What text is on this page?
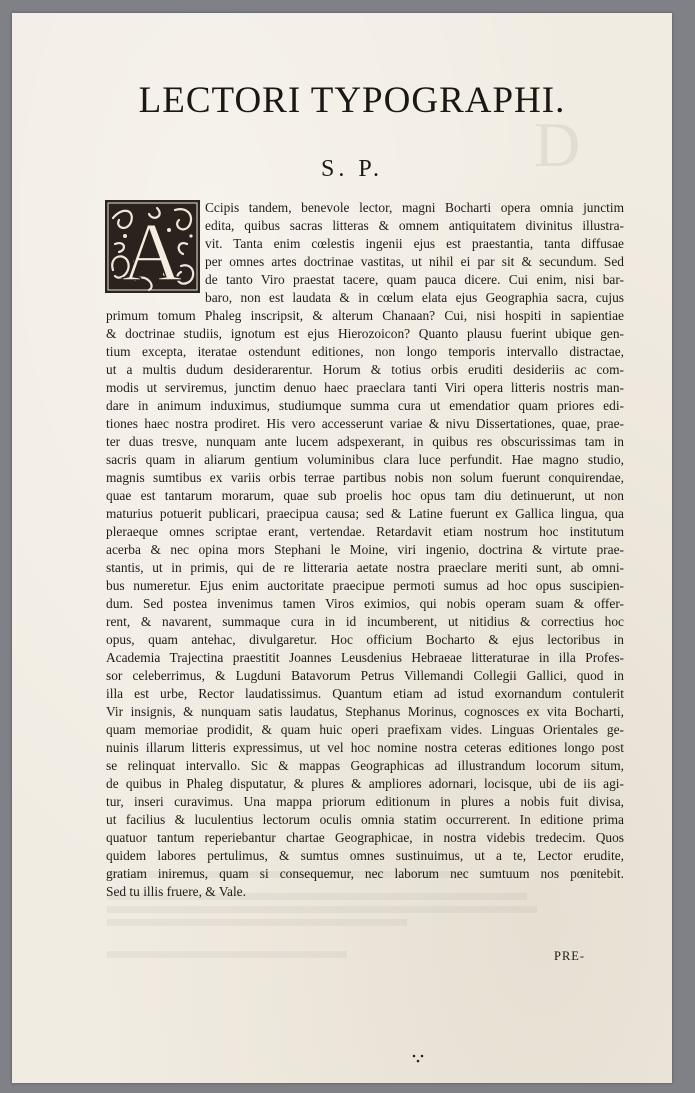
D
LECTORI TYPOGRAPHI.
S. P.
A	Ccipis tandem, benevole lector, magni Bocharti opera omnia junctim
edita, quibus sacras litteras & omnem antiquitatem divinitus illustra-
vit. Tanta enim cœlestis ingenii ejus est praestantia, tanta diffusae
per omnes artes doctrinae vastitas, ut nihil ei par sit & secundum. Sed
de tanto Viro praestat tacere, quam pauca dicere. Cui enim, nisi bar-
baro, non est laudata & in cœlum elata ejus Geographia sacra, cujus
primum tomum Phaleg inscripsit, & alterum Chanaan? Cui, nisi hospiti in sapientiae
& doctrinae studiis, ignotum est ejus Hierozoicon? Quanto plausu fuerint ubique gen-
tium excepta, iteratae ostendunt editiones, non longo temporis intervallo distractae,
ut a multis dudum desiderarentur. Horum & totius orbis eruditi desideriis ac com-
modis ut serviremus, junctim denuo haec praeclara tanti Viri opera litteris nostris man-
dare in animum induximus, studiumque summa cura ut emendatior quam priores edi-
tiones haec nostra prodiret. His vero accesserunt variae & nivu Dissertationes, quae, prae-
ter duas tresve, nunquam ante lucem adspexerant, in quibus res obscurissimas tam in
sacris quam in aliarum gentium voluminibus clara luce perfundit. Hae magno studio,
magnis sumtibus ex variis orbis terrae partibus nobis non solum fuerunt conquirendae,
quae est tantarum morarum, quae sub proelis hoc opus tam diu detinuerunt, ut non
maturius potuerit publicari, praecipua causa; sed & Latine fuerunt ex Gallica lingua, qua
pleraeque omnes scriptae erant, vertendae. Retardavit etiam nostrum hoc institutum
acerba & nec opina mors Stephani le Moine, viri ingenio, doctrina & virtute prae-
stantis, ut in primis, qui de re litteraria aetate nostra praeclare meriti sunt, ab omni-
bus numeretur. Ejus enim auctoritate praecipue permoti sumus ad hoc opus suscipien-
dum. Sed postea invenimus tamen Viros eximios, qui nobis operam suam & offer-
rent, & navarent, summaque cura in id incumberent, ut nitidius & correctius hoc
opus, quam antehac, divulgaretur. Hoc officium Bocharto & ejus lectoribus in
Academia Trajectina praestitit Joannes Leusdenius Hebraeae litteraturae in illa Profes-
sor celeberrimus, & Lugduni Batavorum Petrus Villemandi Collegii Gallici, quod in
illa est urbe, Rector laudatissimus. Quantum etiam ad istud exornandum contulerit
Vir insignis, & nunquam satis laudatus, Stephanus Morinus, cognosces ex vita Bocharti,
quam memoriae prodidit, & quam huic operi praefixam vides. Linguas Orientales ge-
nuinis illarum litteris expressimus, ut vel hoc nomine nostra ceteras editiones longo post
se relinquat intervallo. Sic & mappas Geographicas ad illustrandum locorum situm,
de quibus in Phaleg disputatur, & plures & ampliores adornari, locisque, ubi de iis agi-
tur, inseri curavimus. Una mappa priorum editionum in plures a nobis fuit divisa,
ut facilius & luculentius lectorum oculis omnia statim occurrerent. In editione prima
quatuor tantum reperiebantur chartae Geographicae, in nostra videbis tredecim. Quos
quidem labores pertulimus, & sumtus omnes sustinuimus, ut a te, Lector erudite,
gratiam iniremus, quam si consequemur, nec laborum nec sumtuum nos pœnitebit.
Sed tu illis fruere, & Vale.
PRE-
